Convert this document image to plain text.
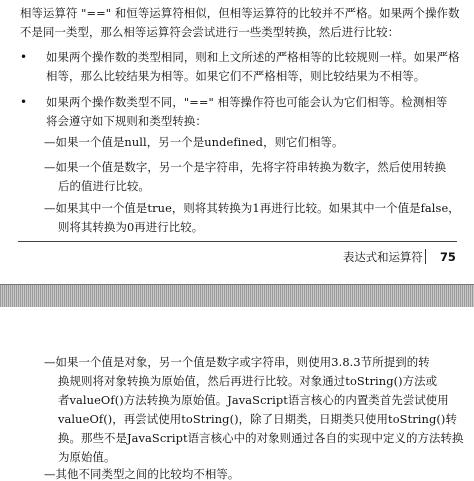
相等运算符 "==" 和恒等运算符相似，但相等运算符的比较并不严格。如果两个操作数
不是同一类型，那么相等运算符会尝试进行一些类型转换，然后进行比较：
• 如果两个操作数的类型相同，则和上文所述的严格相等的比较规则一样。如果严格
相等，那么比较结果为相等。如果它们不严格相等，则比较结果为不相等。
• 如果两个操作数类型不同，"==" 相等操作符也可能会认为它们相等。检测相等
将会遵守如下规则和类型转换：
—如果一个值是null，另一个是undefined，则它们相等。
—如果一个值是数字，另一个是字符串，先将字符串转换为数字，然后使用转换
后的值进行比较。
—如果其中一个值是true，则将其转换为1再进行比较。如果其中一个值是false，
则将其转换为0再进行比较。
表达式和运算符 75
—如果一个值是对象，另一个值是数字或字符串，则使用3.8.3节所提到的转
换规则将对象转换为原始值，然后再进行比较。对象通过toString()方法或
者valueOf()方法转换为原始值。JavaScript语言核心的内置类首先尝试使用
valueOf()，再尝试使用toString()，除了日期类，日期类只使用toString()转
换。那些不是JavaScript语言核心中的对象则通过各自的实现中定义的方法转换
为原始值。
—其他不同类型之间的比较均不相等。
